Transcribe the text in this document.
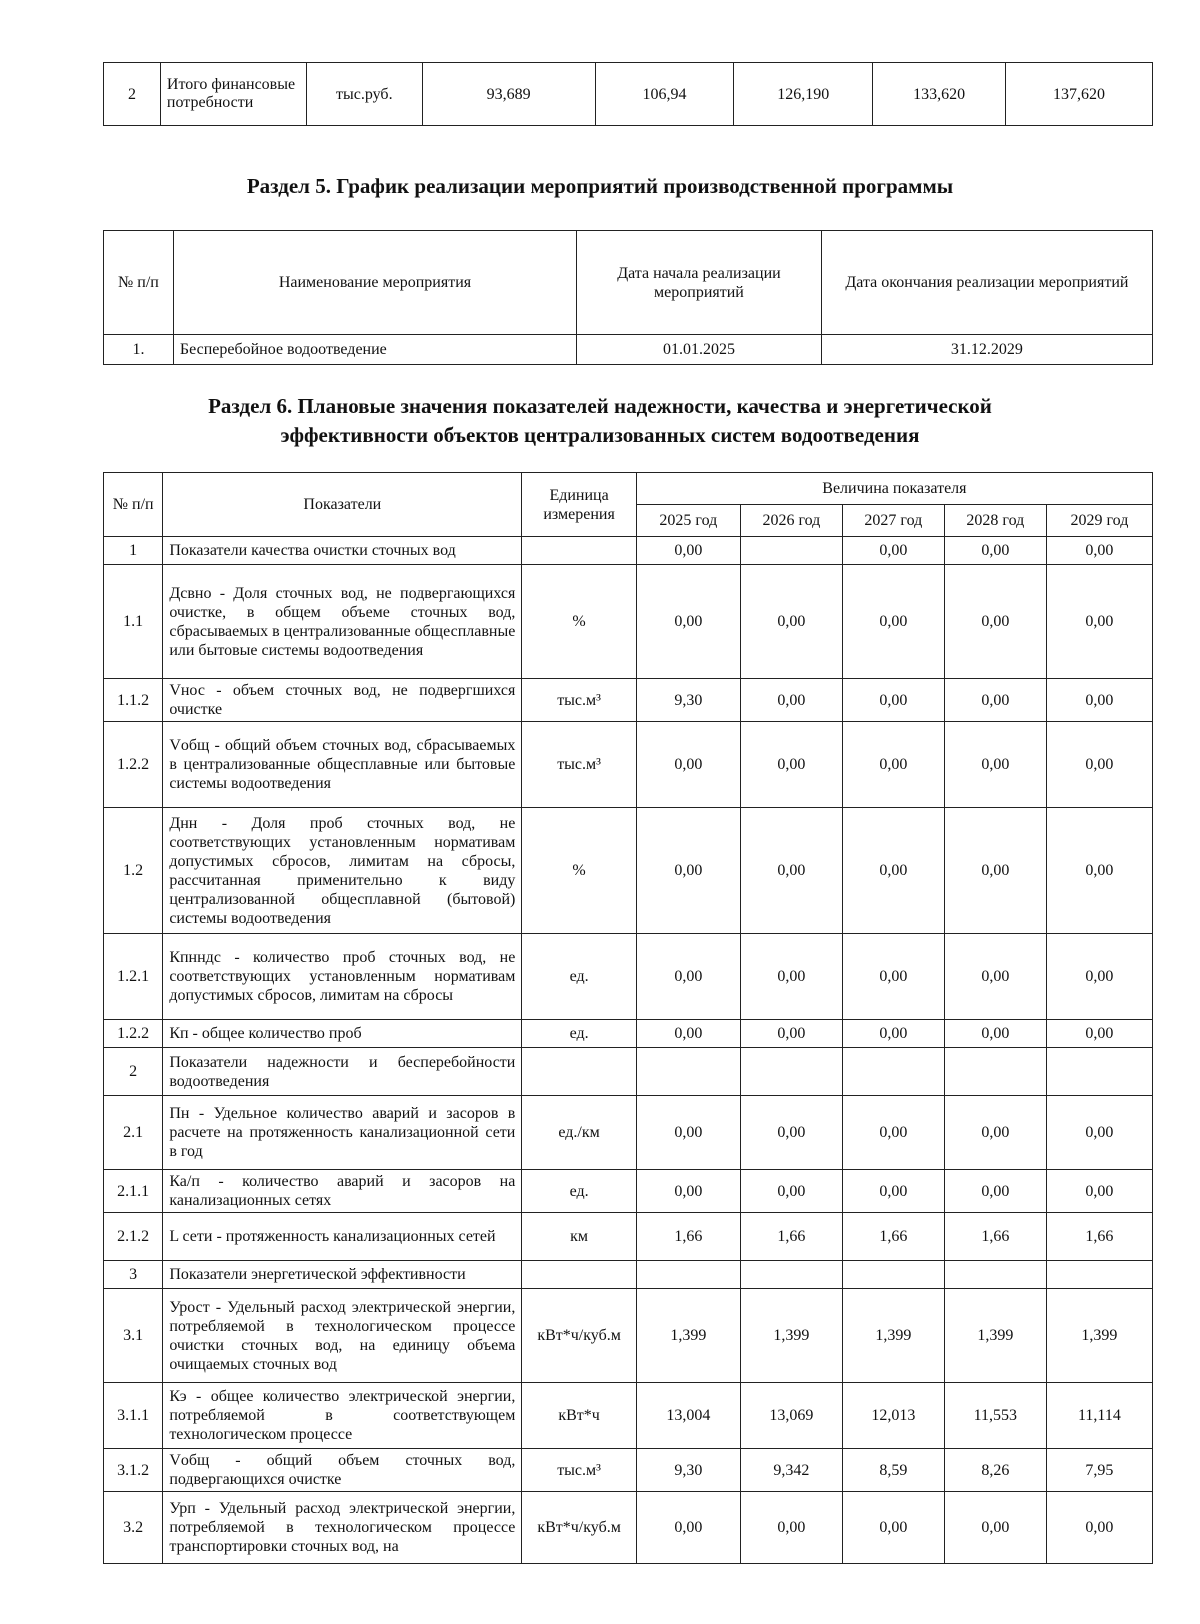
2	Итого финансовые потребности	тыс.руб.	93,689	106,94	126,190	133,620	137,620
Раздел 5. График реализации мероприятий производственной программы
№ п/п	Наименование мероприятия	Дата начала реализации мероприятий	Дата окончания реализации мероприятий
1.	Бесперебойное водоотведение	01.01.2025	31.12.2029
Раздел 6. Плановые значения показателей надежности, качества и энергетической
эффективности объектов централизованных систем водоотведения
№ п/п	Показатели	Единица измерения	Величина показателя				
			2025 год	2026 год	2027 год	2028 год	2029 год
1	Показатели качества очистки сточных вод		0,00		0,00	0,00	0,00
1.1	Дсвно - Доля сточных вод, не подвергающихся очистке, в общем объеме сточных вод, сбрасываемых в централизованные общесплавные или бытовые системы водоотведения	%	0,00	0,00	0,00	0,00	0,00
1.1.2	Vнос - объем сточных вод, не подвергшихся очистке	тыс.м³	9,30	0,00	0,00	0,00	0,00
1.2.2	Vобщ - общий объем сточных вод, сбрасываемых в централизованные общесплавные или бытовые системы водоотведения	тыс.м³	0,00	0,00	0,00	0,00	0,00
1.2	Днн - Доля проб сточных вод, не соответствующих установленным нормативам допустимых сбросов, лимитам на сбросы, рассчитанная применительно к виду централизованной общесплавной (бытовой) системы водоотведения	%	0,00	0,00	0,00	0,00	0,00
1.2.1	Кпнндс - количество проб сточных вод, не соответствующих установленным нормативам допустимых сбросов, лимитам на сбросы	ед.	0,00	0,00	0,00	0,00	0,00
1.2.2	Кп - общее количество проб	ед.	0,00	0,00	0,00	0,00	0,00
2	Показатели надежности и бесперебойности водоотведения						
2.1	Пн - Удельное количество аварий и засоров в расчете на протяженность канализационной сети в год	ед./км	0,00	0,00	0,00	0,00	0,00
2.1.1	Ка/п - количество аварий и засоров на канализационных сетях	ед.	0,00	0,00	0,00	0,00	0,00
2.1.2	L сети - протяженность канализационных сетей	км	1,66	1,66	1,66	1,66	1,66
3	Показатели энергетической эффективности						
3.1	Урост - Удельный расход электрической энергии, потребляемой в технологическом процессе очистки сточных вод, на единицу объема очищаемых сточных вод	кВт*ч/куб.м	1,399	1,399	1,399	1,399	1,399
3.1.1	Кэ - общее количество электрической энергии, потребляемой в соответствующем технологическом процессе	кВт*ч	13,004	13,069	12,013	11,553	11,114
3.1.2	Vобщ - общий объем сточных вод, подвергающихся очистке	тыс.м³	9,30	9,342	8,59	8,26	7,95
3.2	Урп - Удельный расход электрической энергии, потребляемой в технологическом процессе транспортировки сточных вод, на	кВт*ч/куб.м	0,00	0,00	0,00	0,00	0,00
